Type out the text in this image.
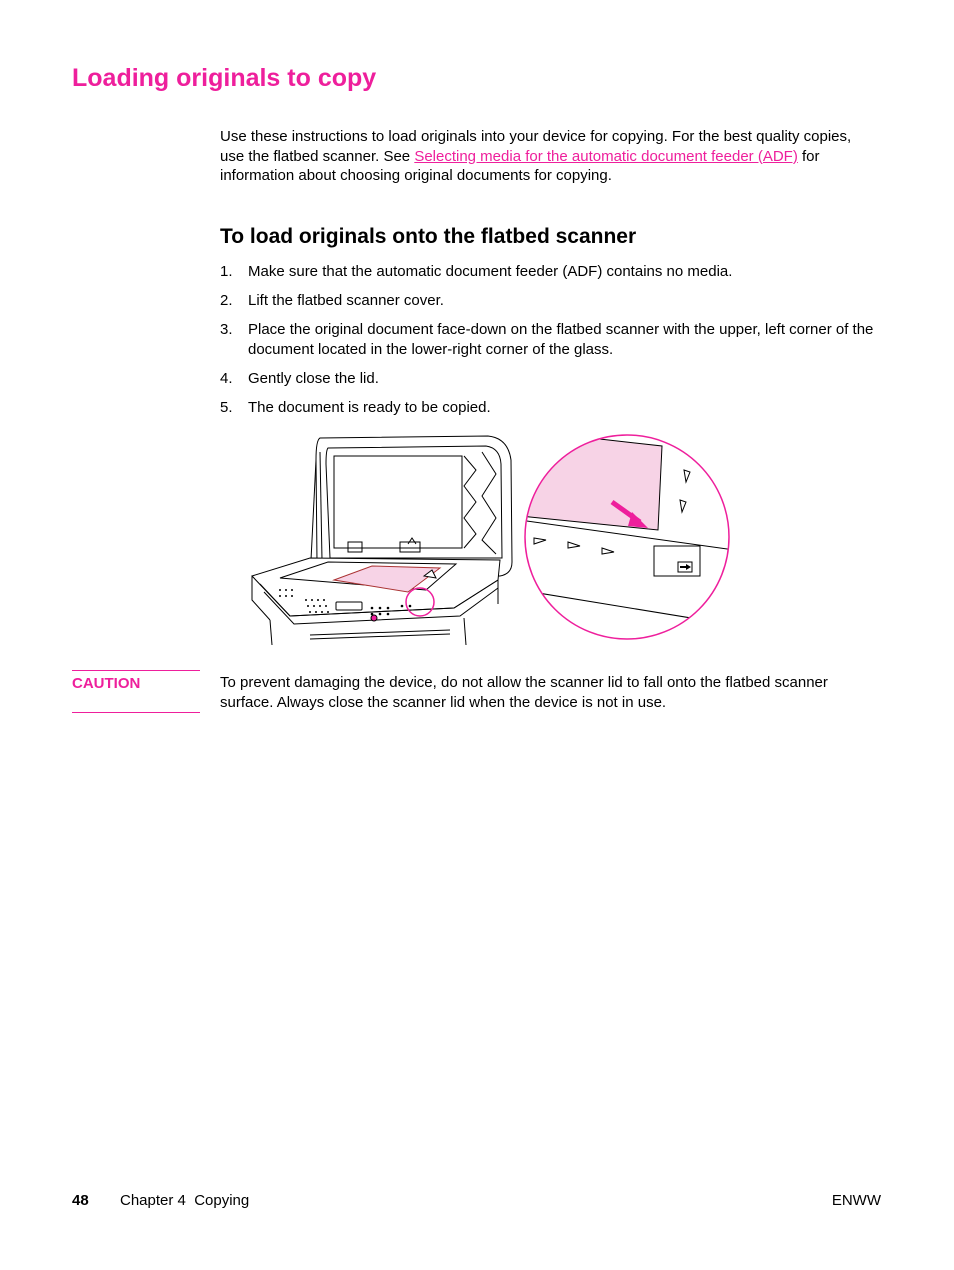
Loading originals to copy

Use these instructions to load originals into your device for copying. For the best quality copies, use the flatbed scanner. See Selecting media for the automatic document feeder (ADF) for information about choosing original documents for copying.

To load originals onto the flatbed scanner
1. Make sure that the automatic document feeder (ADF) contains no media.
2. Lift the flatbed scanner cover.
3. Place the original document face-down on the flatbed scanner with the upper, left corner of the document located in the lower-right corner of the glass.
4. Gently close the lid.
5. The document is ready to be copied.
CAUTION	To prevent damaging the device, do not allow the scanner lid to fall onto the flatbed scanner surface. Always close the scanner lid when the device is not in use.

48 Chapter 4  Copying	ENWW
